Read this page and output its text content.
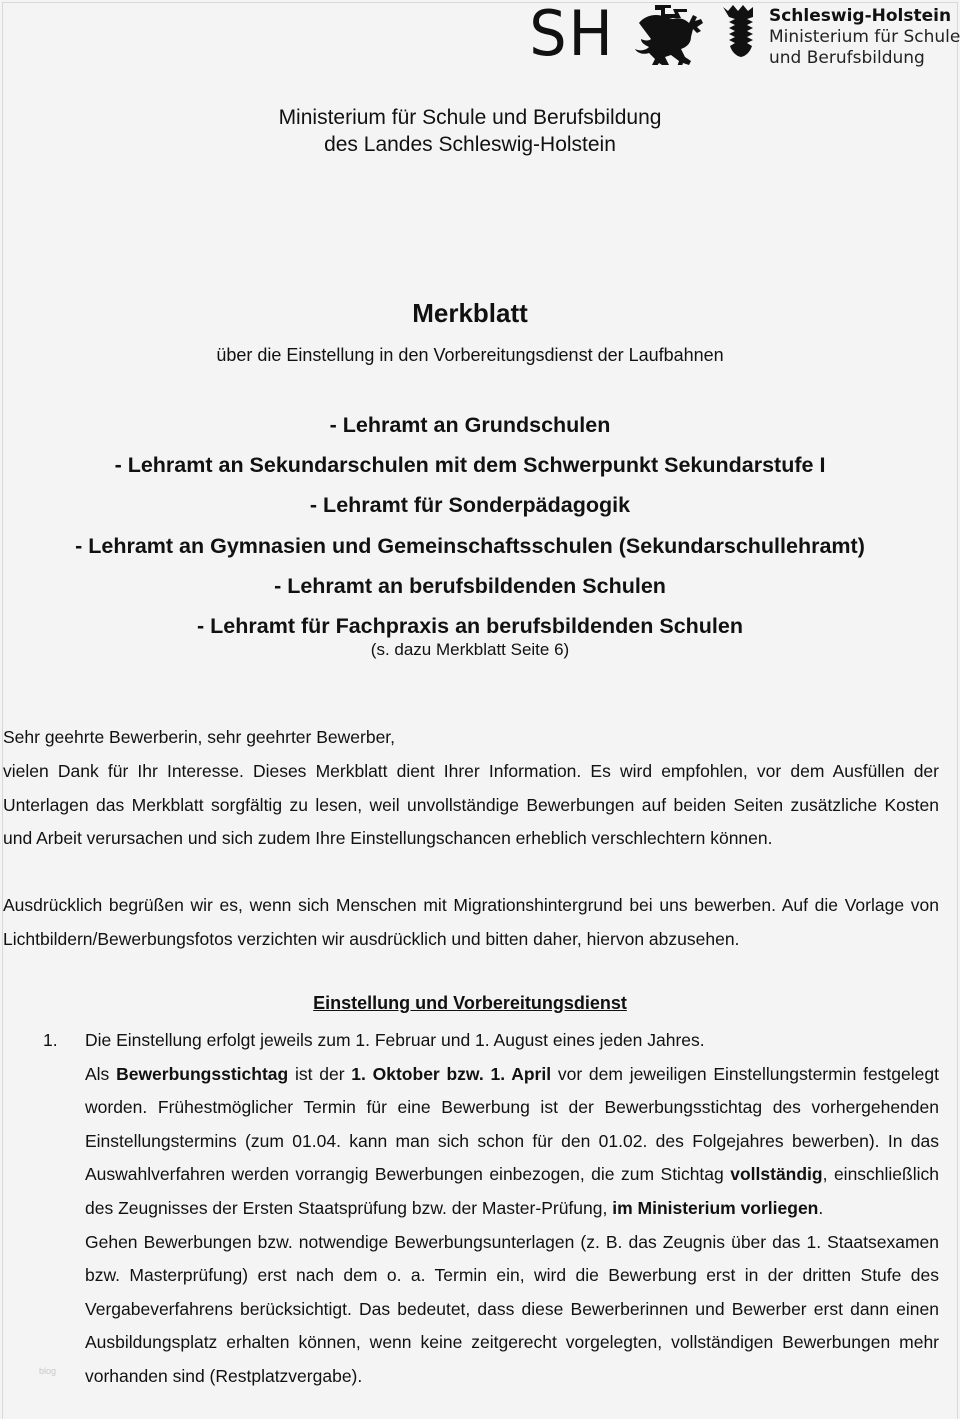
SH	Schleswig-Holstein
Ministerium für Schule
und Berufsbildung
Ministerium für Schule und Berufsbildung
des Landes Schleswig-Holstein
Merkblatt
über die Einstellung in den Vorbereitungsdienst der Laufbahnen
- Lehramt an Grundschulen
- Lehramt an Sekundarschulen mit dem Schwerpunkt Sekundarstufe I
- Lehramt für Sonderpädagogik
- Lehramt an Gymnasien und Gemeinschaftsschulen (Sekundarschullehramt)
- Lehramt an berufsbildenden Schulen
- Lehramt für Fachpraxis an berufsbildenden Schulen
(s. dazu Merkblatt Seite 6)
Sehr geehrte Bewerberin, sehr geehrter Bewerber,
vielen Dank für Ihr Interesse. Dieses Merkblatt dient Ihrer Information. Es wird empfohlen, vor dem Ausfüllen der Unterlagen das Merkblatt sorgfältig zu lesen, weil unvollständige Bewerbungen auf beiden Seiten zusätzliche Kosten und Arbeit verursachen und sich zudem Ihre Einstellungschancen erheblich verschlechtern können.
Ausdrücklich begrüßen wir es, wenn sich Menschen mit Migrationshintergrund bei uns bewerben. Auf die Vorlage von Lichtbildern/Bewerbungsfotos verzichten wir ausdrücklich und bitten daher, hiervon abzusehen.
Einstellung und Vorbereitungsdienst
1. Die Einstellung erfolgt jeweils zum 1. Februar und 1. August eines jeden Jahres.

Als Bewerbungsstichtag ist der 1. Oktober bzw. 1. April vor dem jeweiligen Einstellungstermin festgelegt worden. Frühestmöglicher Termin für eine Bewerbung ist der Bewerbungsstichtag des vorhergehenden Einstellungstermins (zum 01.04. kann man sich schon für den 01.02. des Folgejahres bewerben). In das Auswahlverfahren werden vorrangig Bewerbungen einbezogen, die zum Stichtag vollständig, einschließlich des Zeugnisses der Ersten Staatsprüfung bzw. der Master-Prüfung, im Ministerium vorliegen.

Gehen Bewerbungen bzw. notwendige Bewerbungsunterlagen (z. B. das Zeugnis über das 1. Staatsexamen bzw. Masterprüfung) erst nach dem o. a. Termin ein, wird die Bewerbung erst in der dritten Stufe des Vergabeverfahrens berücksichtigt. Das bedeutet, dass diese Bewerberinnen und Bewerber erst dann einen Ausbildungsplatz erhalten können, wenn keine zeitgerecht vorgelegten, vollständigen Bewerbungen mehr vorhanden sind (Restplatzvergabe).

blog
